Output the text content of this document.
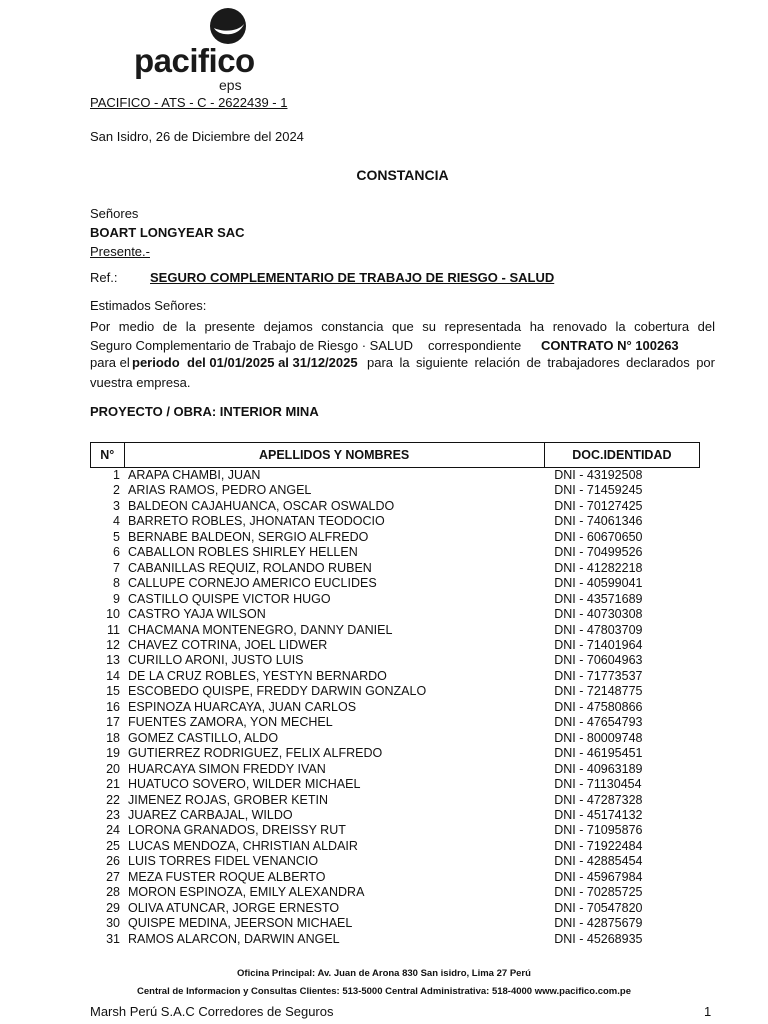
pacifico
eps
PACIFICO - ATS - C - 2622439 - 1
San Isidro, 26 de Diciembre del 2024
CONSTANCIA
Señores
BOART LONGYEAR SAC
Presente.-
Ref.:	SEGURO COMPLEMENTARIO DE TRABAJO DE RIESGO - SALUD
Estimados Señores:
Por medio de la presente dejamos constancia que su representada ha renovado la cobertura del
Seguro Complementario de Trabajo de Riesgo · SALUD correspondiente CONTRATO N° 100263
para el periodo del 01/01/2025 al 31/12/2025 para la siguiente relación de trabajadores declarados por
vuestra empresa.
PROYECTO / OBRA: INTERIOR MINA
N°	APELLIDOS Y NOMBRES	DOC.IDENTIDAD
1	ARAPA CHAMBI, JUAN	DNI - 43192508
2	ARIAS RAMOS, PEDRO ANGEL	DNI - 71459245
3	BALDEON CAJAHUANCA, OSCAR OSWALDO	DNI - 70127425
4	BARRETO ROBLES, JHONATAN TEODOCIO	DNI - 74061346
5	BERNABE BALDEON, SERGIO ALFREDO	DNI - 60670650
6	CABALLON ROBLES SHIRLEY HELLEN	DNI - 70499526
7	CABANILLAS REQUIZ, ROLANDO RUBEN	DNI - 41282218
8	CALLUPE CORNEJO AMERICO EUCLIDES	DNI - 40599041
9	CASTILLO QUISPE VICTOR HUGO	DNI - 43571689
10	CASTRO YAJA WILSON	DNI - 40730308
11	CHACMANA MONTENEGRO, DANNY DANIEL	DNI - 47803709
12	CHAVEZ COTRINA, JOEL LIDWER	DNI - 71401964
13	CURILLO ARONI, JUSTO LUIS	DNI - 70604963
14	DE LA CRUZ ROBLES, YESTYN BERNARDO	DNI - 71773537
15	ESCOBEDO QUISPE, FREDDY DARWIN GONZALO	DNI - 72148775
16	ESPINOZA HUARCAYA, JUAN CARLOS	DNI - 47580866
17	FUENTES ZAMORA, YON MECHEL	DNI - 47654793
18	GOMEZ CASTILLO, ALDO	DNI - 80009748
19	GUTIERREZ RODRIGUEZ, FELIX ALFREDO	DNI - 46195451
20	HUARCAYA SIMON FREDDY IVAN	DNI - 40963189
21	HUATUCO SOVERO, WILDER MICHAEL	DNI - 71130454
22	JIMENEZ ROJAS, GROBER KETIN	DNI - 47287328
23	JUAREZ CARBAJAL, WILDO	DNI - 45174132
24	LORONA GRANADOS, DREISSY RUT	DNI - 71095876
25	LUCAS MENDOZA, CHRISTIAN ALDAIR	DNI - 71922484
26	LUIS TORRES FIDEL VENANCIO	DNI - 42885454
27	MEZA FUSTER ROQUE ALBERTO	DNI - 45967984
28	MORON ESPINOZA, EMILY ALEXANDRA	DNI - 70285725
29	OLIVA ATUNCAR, JORGE ERNESTO	DNI - 70547820
30	QUISPE MEDINA, JEERSON MICHAEL	DNI - 42875679
31	RAMOS ALARCON, DARWIN ANGEL	DNI - 45268935
Oficina Principal: Av. Juan de Arona 830 San isidro, Lima 27 Perú
Central de Informacion y Consultas Clientes: 513-5000 Central Administrativa: 518-4000 www.pacifico.com.pe
Marsh Perú S.A.C Corredores de Seguros	1
